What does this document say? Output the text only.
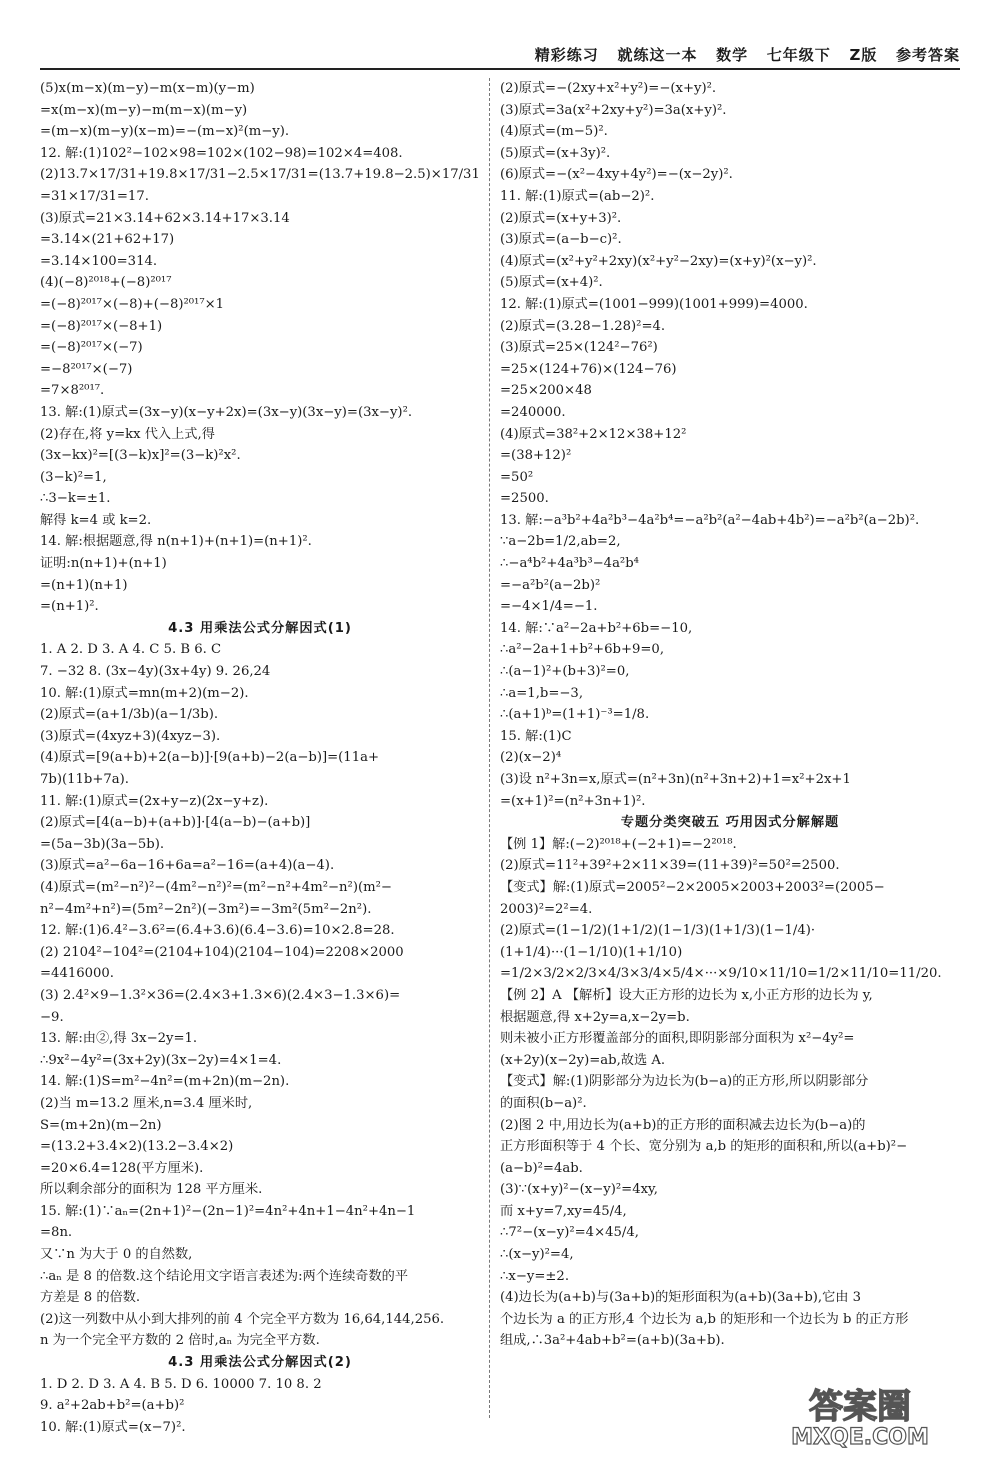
精彩练习   就练这一本   数学   七年级下   Z版   参考答案
(5)x(m−x)(m−y)−m(x−m)(y−m)
=x(m−x)(m−y)−m(m−x)(m−y)
=(m−x)(m−y)(x−m)=−(m−x)²(m−y).
12. 解:(1)102²−102×98=102×(102−98)=102×4=408.
(2)13.7×17/31+19.8×17/31−2.5×17/31=(13.7+19.8−2.5)×17/31
=31×17/31=17.
(3)原式=21×3.14+62×3.14+17×3.14
=3.14×(21+62+17)
=3.14×100=314.
(4)(−8)²⁰¹⁸+(−8)²⁰¹⁷
=(−8)²⁰¹⁷×(−8)+(−8)²⁰¹⁷×1
=(−8)²⁰¹⁷×(−8+1)
=(−8)²⁰¹⁷×(−7)
=−8²⁰¹⁷×(−7)
=7×8²⁰¹⁷.
13. 解:(1)原式=(3x−y)(x−y+2x)=(3x−y)(3x−y)=(3x−y)².
(2)存在,将 y=kx 代入上式,得
(3x−kx)²=[(3−k)x]²=(3−k)²x².
(3−k)²=1,
∴3−k=±1.
解得 k=4 或 k=2.
14. 解:根据题意,得 n(n+1)+(n+1)=(n+1)².
证明:n(n+1)+(n+1)
=(n+1)(n+1)
=(n+1)².
4.3 用乘法公式分解因式(1)
1. A 2. D 3. A 4. C 5. B 6. C
7. −32 8. (3x−4y)(3x+4y) 9. 26,24
10. 解:(1)原式=mn(m+2)(m−2).
(2)原式=(a+1/3b)(a−1/3b).
(3)原式=(4xyz+3)(4xyz−3).
(4)原式=[9(a+b)+2(a−b)]·[9(a+b)−2(a−b)]=(11a+
7b)(11b+7a).
11. 解:(1)原式=(2x+y−z)(2x−y+z).
(2)原式=[4(a−b)+(a+b)]·[4(a−b)−(a+b)]
=(5a−3b)(3a−5b).
(3)原式=a²−6a−16+6a=a²−16=(a+4)(a−4).
(4)原式=(m²−n²)²−(4m²−n²)²=(m²−n²+4m²−n²)(m²−
n²−4m²+n²)=(5m²−2n²)(−3m²)=−3m²(5m²−2n²).
12. 解:(1)6.4²−3.6²=(6.4+3.6)(6.4−3.6)=10×2.8=28.
(2) 2104²−104²=(2104+104)(2104−104)=2208×2000
=4416000.
(3) 2.4²×9−1.3²×36=(2.4×3+1.3×6)(2.4×3−1.3×6)=
−9.
13. 解:由②,得 3x−2y=1.
∴9x²−4y²=(3x+2y)(3x−2y)=4×1=4.
14. 解:(1)S=m²−4n²=(m+2n)(m−2n).
(2)当 m=13.2 厘米,n=3.4 厘米时,
S=(m+2n)(m−2n)
=(13.2+3.4×2)(13.2−3.4×2)
=20×6.4=128(平方厘米).
所以剩余部分的面积为 128 平方厘米.
15. 解:(1)∵aₙ=(2n+1)²−(2n−1)²=4n²+4n+1−4n²+4n−1
=8n.
又∵n 为大于 0 的自然数,
∴aₙ 是 8 的倍数.这个结论用文字语言表述为:两个连续奇数的平
方差是 8 的倍数.
(2)这一列数中从小到大排列的前 4 个完全平方数为 16,64,144,256.
n 为一个完全平方数的 2 倍时,aₙ 为完全平方数.
4.3 用乘法公式分解因式(2)
1. D 2. D 3. A 4. B 5. D 6. 10000 7. 10 8. 2
9. a²+2ab+b²=(a+b)²
10. 解:(1)原式=(x−7)².
(2)原式=−(2xy+x²+y²)=−(x+y)².
(3)原式=3a(x²+2xy+y²)=3a(x+y)².
(4)原式=(m−5)².
(5)原式=(x+3y)².
(6)原式=−(x²−4xy+4y²)=−(x−2y)².
11. 解:(1)原式=(ab−2)².
(2)原式=(x+y+3)².
(3)原式=(a−b−c)².
(4)原式=(x²+y²+2xy)(x²+y²−2xy)=(x+y)²(x−y)².
(5)原式=(x+4)².
12. 解:(1)原式=(1001−999)(1001+999)=4000.
(2)原式=(3.28−1.28)²=4.
(3)原式=25×(124²−76²)
=25×(124+76)×(124−76)
=25×200×48
=240000.
(4)原式=38²+2×12×38+12²
=(38+12)²
=50²
=2500.
13. 解:−a³b²+4a²b³−4a²b⁴=−a²b²(a²−4ab+4b²)=−a²b²(a−2b)².
∵a−2b=1/2,ab=2,
∴−a⁴b²+4a³b³−4a²b⁴
=−a²b²(a−2b)²
=−4×1/4=−1.
14. 解:∵a²−2a+b²+6b=−10,
∴a²−2a+1+b²+6b+9=0,
∴(a−1)²+(b+3)²=0,
∴a=1,b=−3,
∴(a+1)ᵇ=(1+1)⁻³=1/8.
15. 解:(1)C
(2)(x−2)⁴
(3)设 n²+3n=x,原式=(n²+3n)(n²+3n+2)+1=x²+2x+1
=(x+1)²=(n²+3n+1)².
专题分类突破五 巧用因式分解解题
【例 1】解:(−2)²⁰¹⁸+(−2+1)=−2²⁰¹⁸.
(2)原式=11²+39²+2×11×39=(11+39)²=50²=2500.
【变式】解:(1)原式=2005²−2×2005×2003+2003²=(2005−
2003)²=2²=4.
(2)原式=(1−1/2)(1+1/2)(1−1/3)(1+1/3)(1−1/4)·
(1+1/4)···(1−1/10)(1+1/10)
=1/2×3/2×2/3×4/3×3/4×5/4×···×9/10×11/10=1/2×11/10=11/20.
【例 2】A 【解析】设大正方形的边长为 x,小正方形的边长为 y,
根据题意,得 x+2y=a,x−2y=b.
则未被小正方形覆盖部分的面积,即阴影部分面积为 x²−4y²=
(x+2y)(x−2y)=ab,故选 A.
【变式】解:(1)阴影部分为边长为(b−a)的正方形,所以阴影部分
的面积(b−a)².
(2)图 2 中,用边长为(a+b)的正方形的面积减去边长为(b−a)的
正方形面积等于 4 个长、宽分别为 a,b 的矩形的面积和,所以(a+b)²−
(a−b)²=4ab.
(3)∵(x+y)²−(x−y)²=4xy,
而 x+y=7,xy=45/4,
∴7²−(x−y)²=4×45/4,
∴(x−y)²=4,
∴x−y=±2.
(4)边长为(a+b)与(3a+b)的矩形面积为(a+b)(3a+b),它由 3
个边长为 a 的正方形,4 个边长为 a,b 的矩形和一个边长为 b 的正方形
组成,∴3a²+4ab+b²=(a+b)(3a+b).
答案圈
MXQE.COM
